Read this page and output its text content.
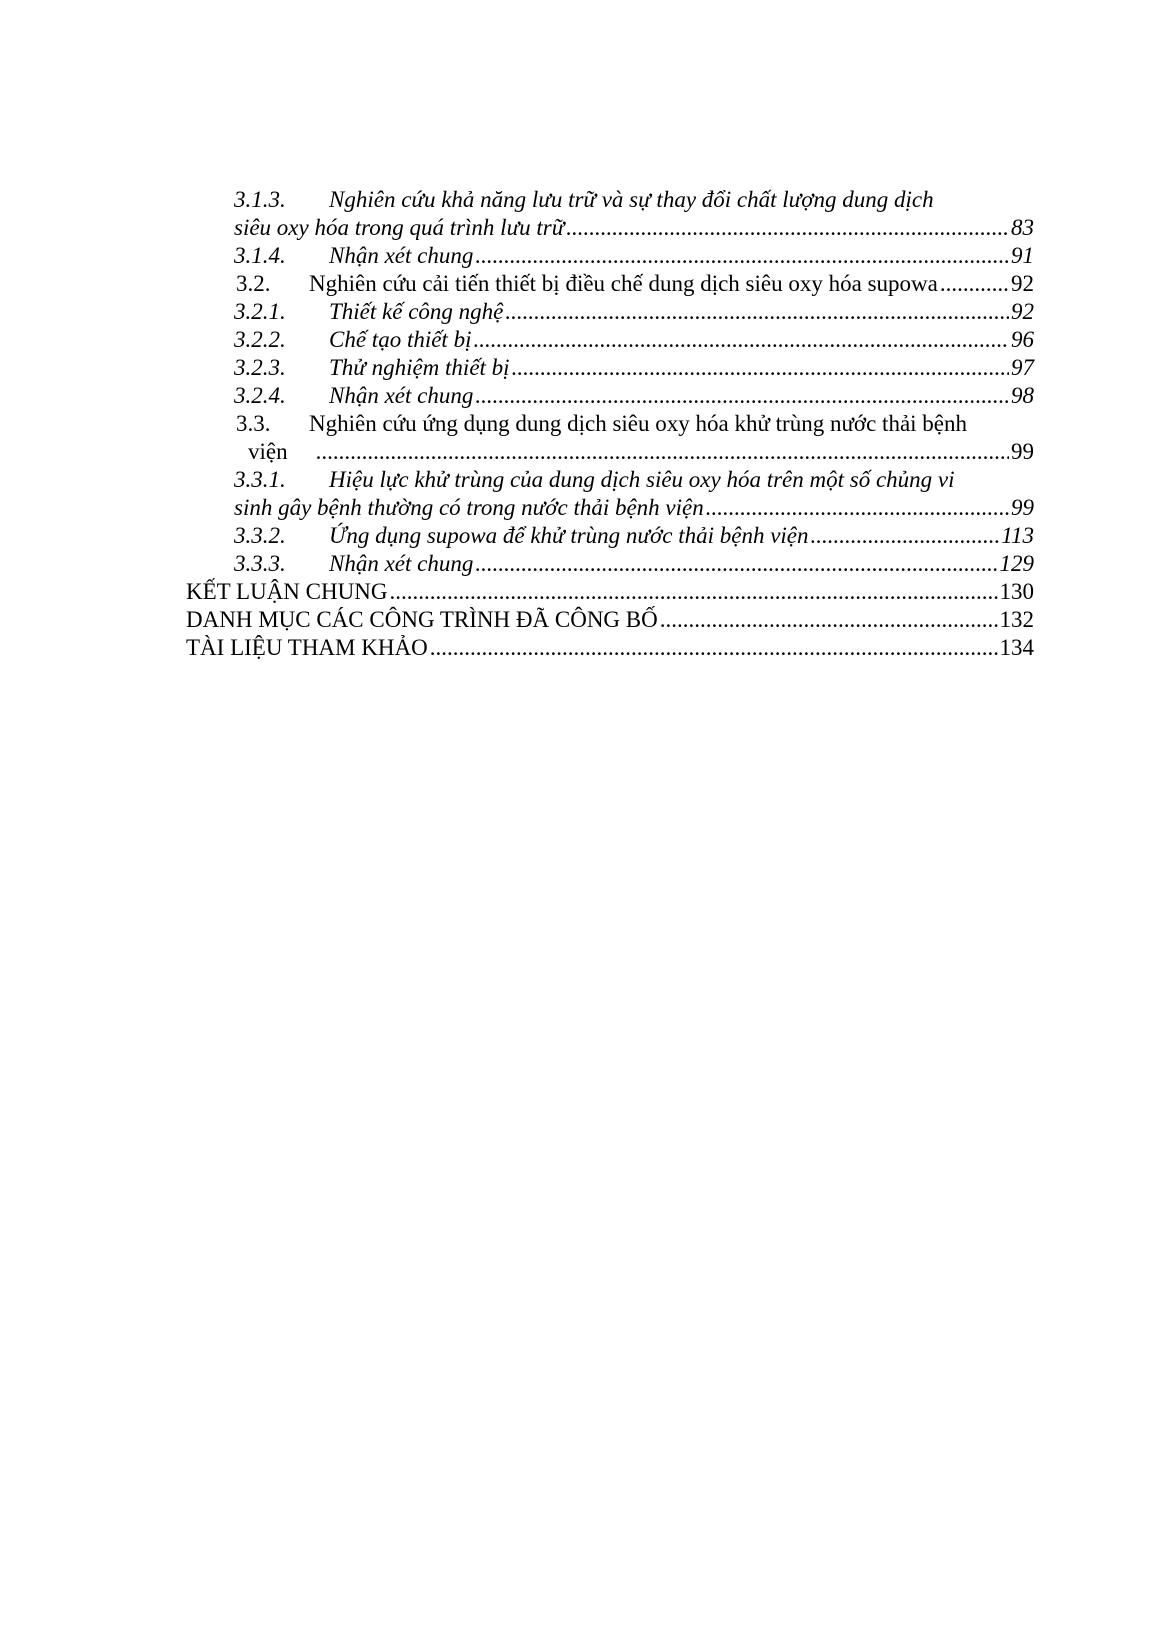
3.1.3. Nghiên cứu khả năng lưu trữ và sự thay đổi chất lượng dung dịch
siêu oxy hóa trong quá trình lưu trữ .....	83
3.1.4. Nhận xét chung .....	91
3.2. Nghiên cứu cải tiến thiết bị điều chế dung dịch siêu oxy hóa supowa .....	92
3.2.1. Thiết kế công nghệ .....	92
3.2.2. Chế tạo thiết bị .....	96
3.2.3. Thử nghiệm thiết bị .....	97
3.2.4. Nhận xét chung .....	98
3.3. Nghiên cứu ứng dụng dung dịch siêu oxy hóa khử trùng nước thải bệnh
viện .....	99
3.3.1. Hiệu lực khử trùng của dung dịch siêu oxy hóa trên một số chủng vi
sinh gây bệnh thường có trong nước thải bệnh viện .....	99
3.3.2. Ứng dụng supowa để khử trùng nước thải bệnh viện .....	113
3.3.3. Nhận xét chung .....	129
KẾT LUẬN CHUNG .....	130
DANH MỤC CÁC CÔNG TRÌNH ĐÃ CÔNG BỐ .....	132
TÀI LIỆU THAM KHẢO .....	134
